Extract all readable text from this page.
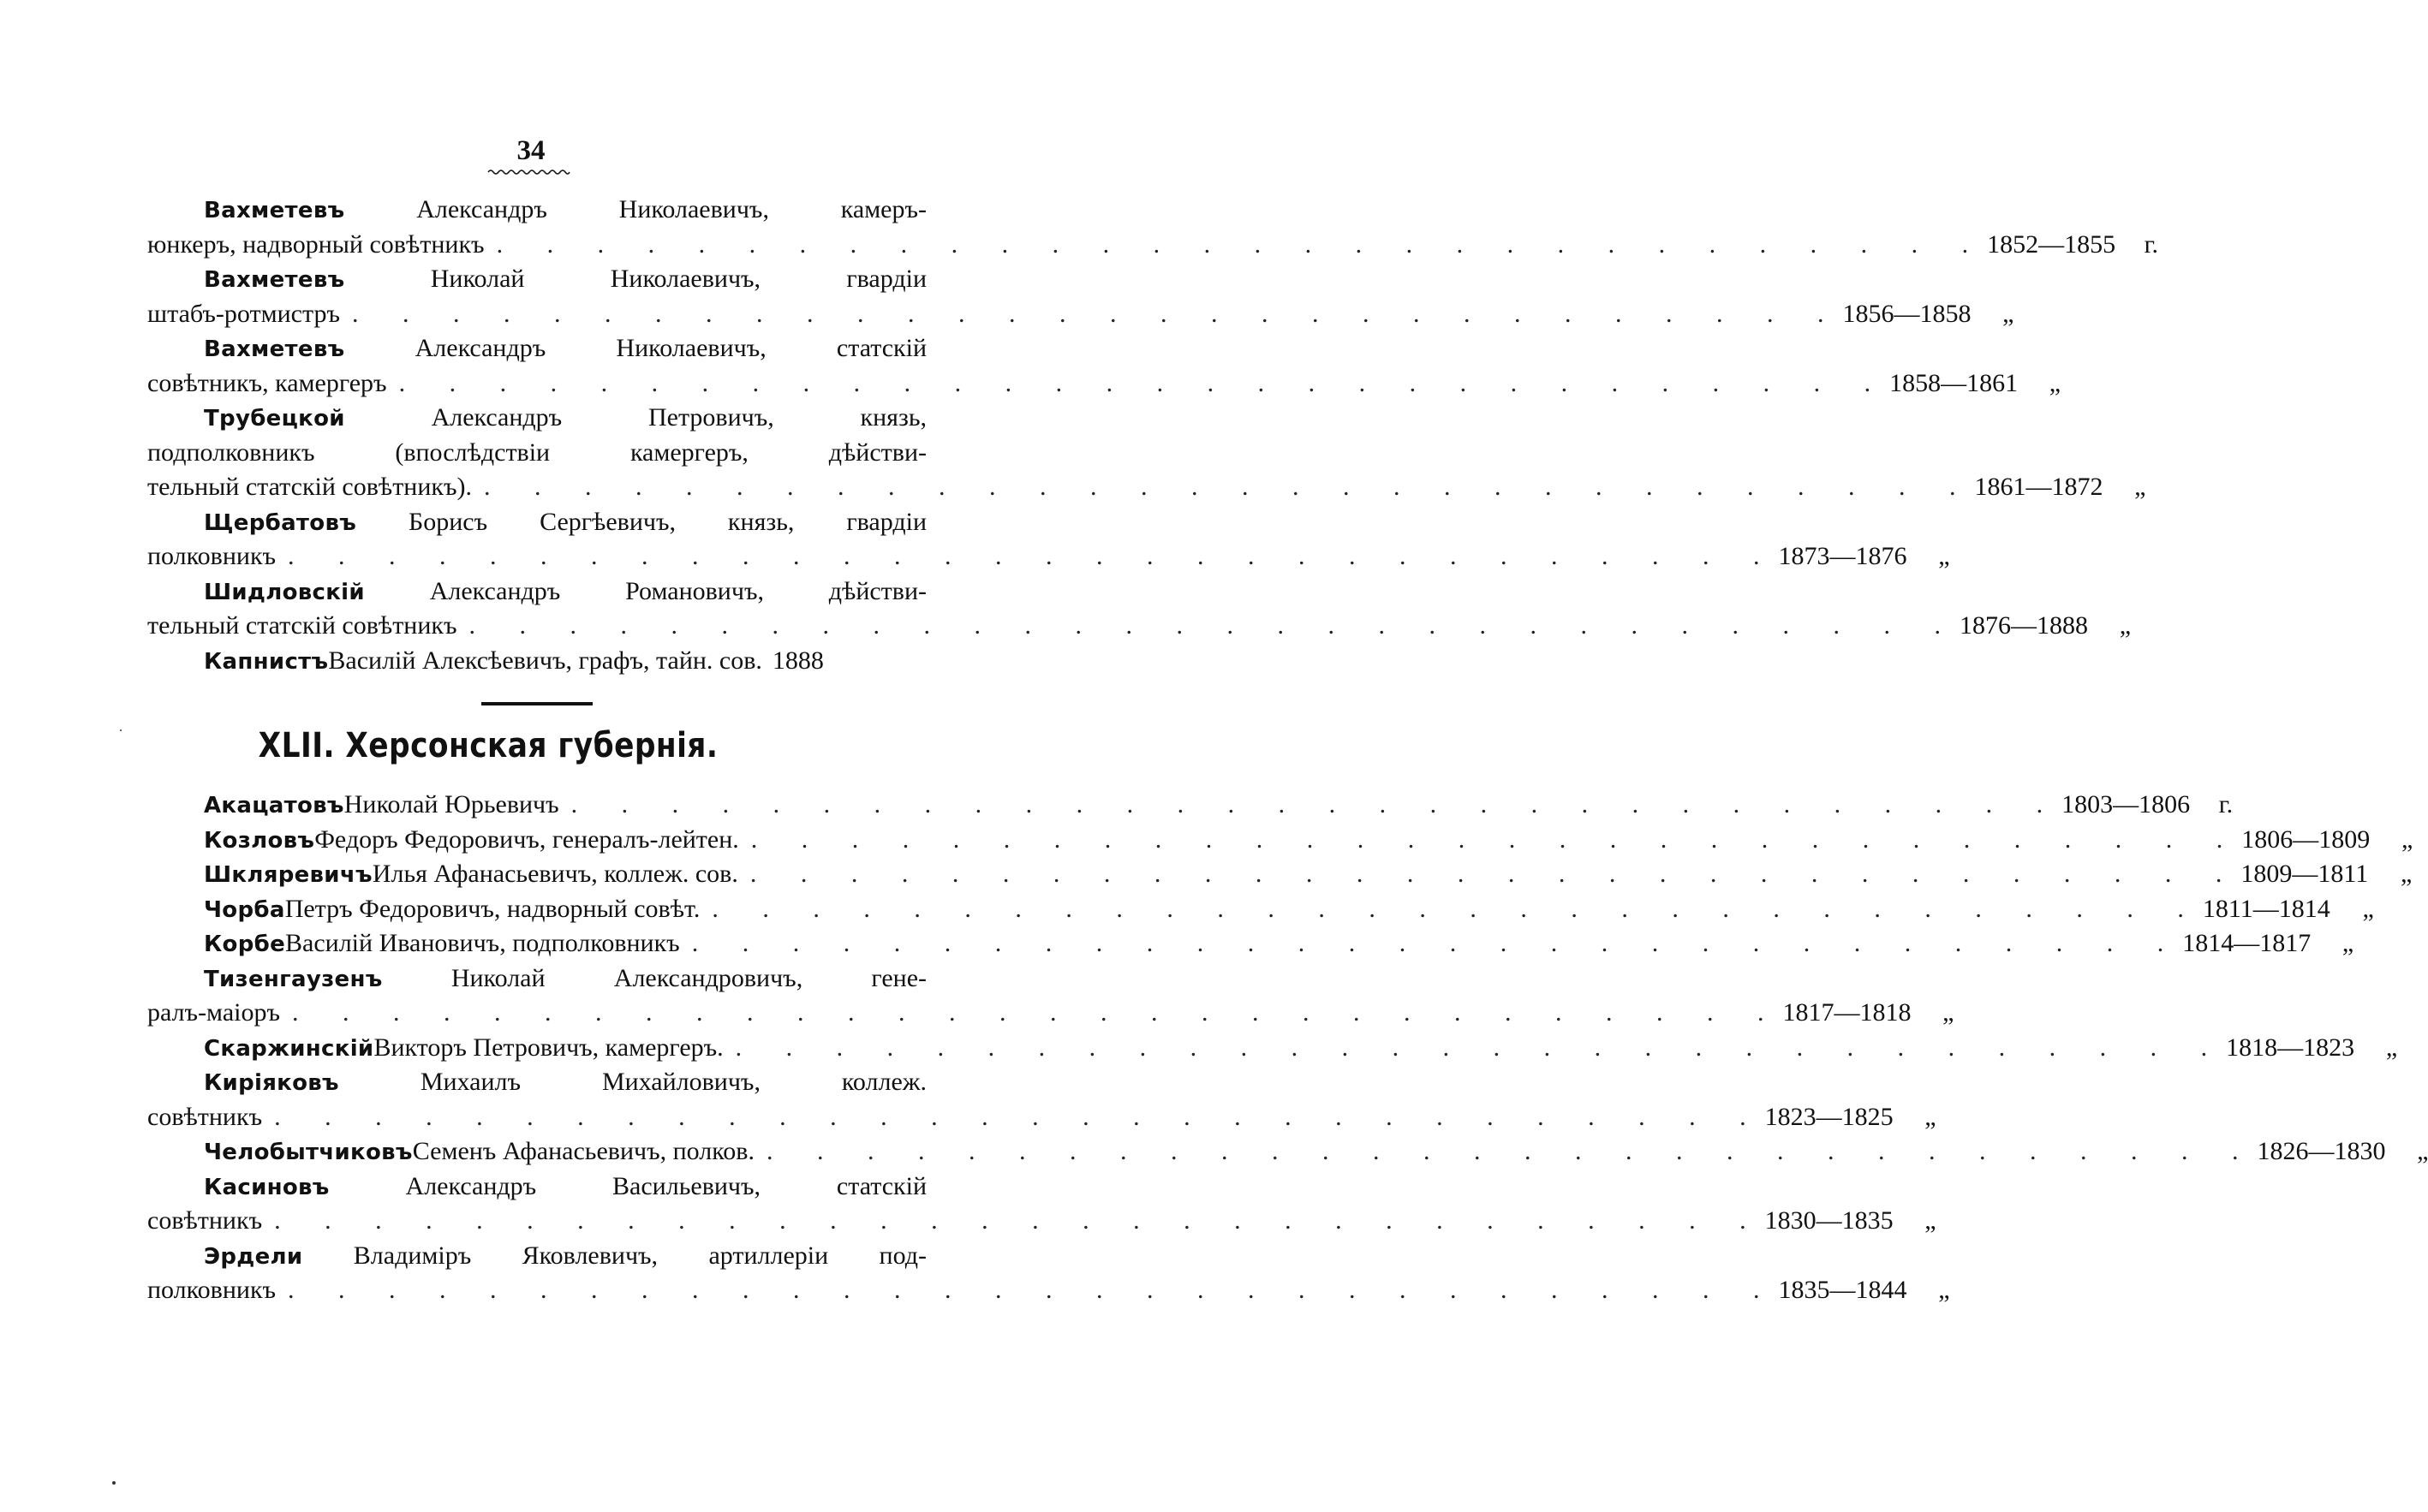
34
Вахметевъ	Александръ Николаевичъ, камеръ-
юнкеръ, надворный совѣтникъ . . . . . . . . . . . . . . . . . . . . . . . . . . . . . . 1852—1855	г.
Вахметевъ	Николай Николаевичъ, гвардіи
штабъ-ротмистръ . . . . . . . . . . . . . . . . . . . . . . . . . . . . . . 1856—1858	„
Вахметевъ	Александръ Николаевичъ, статскій
совѣтникъ, камергеръ . . . . . . . . . . . . . . . . . . . . . . . . . . . . . . 1858—1861	„
Трубецкой	Александръ Петровичъ, князь,
подполковникъ (впослѣдствіи камергеръ, дѣйстви-
тельный статскій совѣтникъ). . . . . . . . . . . . . . . . . . . . . . . . . . . . . . . 1861—1872	„
Щербатовъ Борисъ Сергѣевичъ, князь, гвардіи
полковникъ . . . . . . . . . . . . . . . . . . . . . . . . . . . . . . 1873—1876	„
Шидловскій	Александръ Романовичъ, дѣйстви-
тельный статскій совѣтникъ . . . . . . . . . . . . . . . . . . . . . . . . . . . . . . 1876—1888	„
Капнистъ Василій Алексѣевичъ, графъ, тайн. сов. 1888
XLII. Херсонская губернія.
Акацатовъ Николай Юрьевичъ . . . . . . . . . . . . . . . . . . . . . . . . . . . . . . 1803—1806	г.
Козловъ Федоръ Федоровичъ, генералъ-лейтен. . . . . . . . . . . . . . . . . . . . . . . . . . . . . . . 1806—1809	„
Шкляревичъ Илья Афанасьевичъ, коллеж. сов. . . . . . . . . . . . . . . . . . . . . . . . . . . . . . . 1809—1811	„
Чорба Петръ Федоровичъ, надворный совѣт. . . . . . . . . . . . . . . . . . . . . . . . . . . . . . . 1811—1814	„
Корбе Василій Ивановичъ, подполковникъ . . . . . . . . . . . . . . . . . . . . . . . . . . . . . . 1814—1817	„
Тизенгаузенъ	Николай Александровичъ, гене-
ралъ-маіоръ . . . . . . . . . . . . . . . . . . . . . . . . . . . . . . 1817—1818	„
Скаржинскій Викторъ Петровичъ, камергеръ. . . . . . . . . . . . . . . . . . . . . . . . . . . . . . . 1818—1823	„
Киріяковъ	Михаилъ Михайловичъ, коллеж.
совѣтникъ . . . . . . . . . . . . . . . . . . . . . . . . . . . . . . 1823—1825	„
Челобытчиковъ Семенъ Афанасьевичъ, полков. . . . . . . . . . . . . . . . . . . . . . . . . . . . . . . 1826—1830	„
Касиновъ	Александръ Васильевичъ, статскій
совѣтникъ . . . . . . . . . . . . . . . . . . . . . . . . . . . . . . 1830—1835	„
Эрдели Владиміръ Яковлевичъ, артиллеріи под-
полковникъ . . . . . . . . . . . . . . . . . . . . . . . . . . . . . . 1835—1844	„
